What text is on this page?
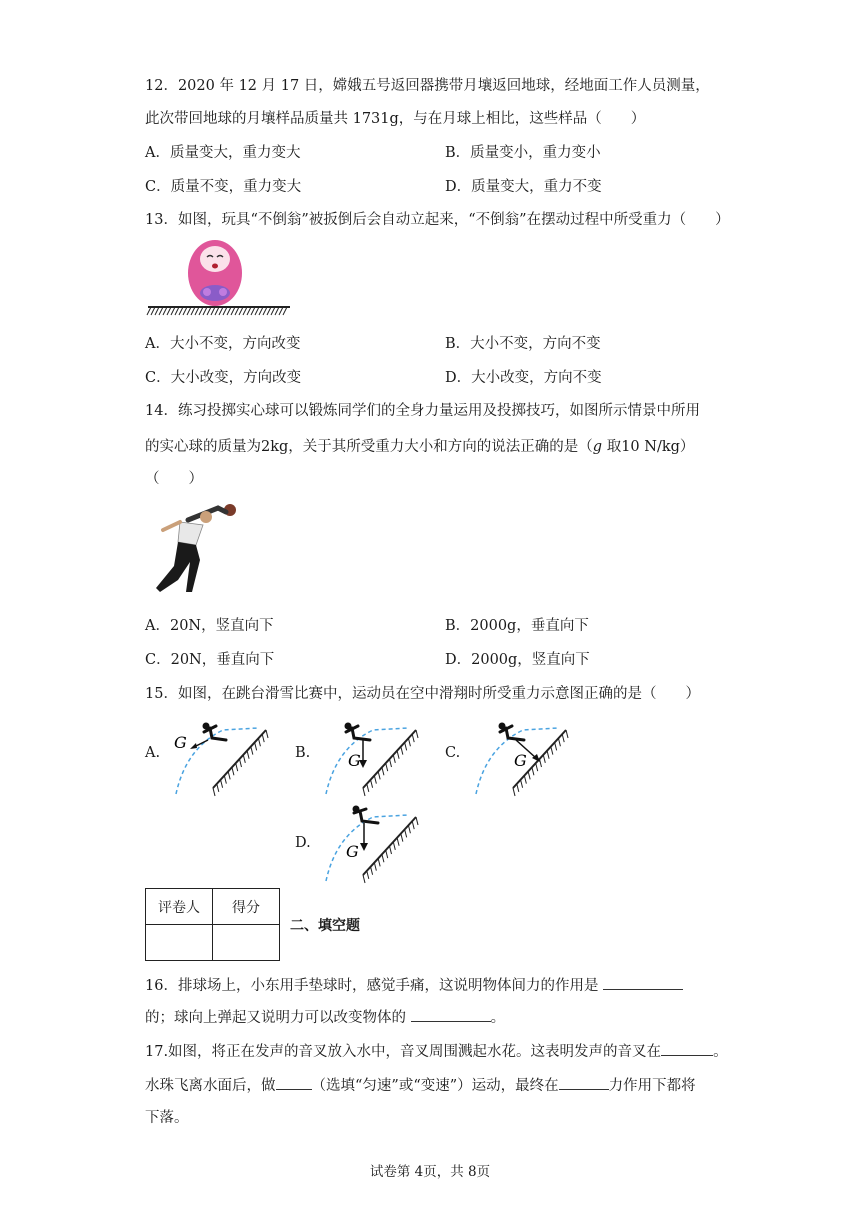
12．2020 年 12 月 17 日，嫦娥五号返回器携带月壤返回地球，经地面工作人员测量，
此次带回地球的月壤样品质量共 1731g，与在月球上相比，这些样品（　　）
A．质量变大，重力变大	B．质量变小，重力变小
C．质量不变，重力变大	D．质量变大，重力不变
13．如图，玩具“不倒翁”被扳倒后会自动立起来，“不倒翁”在摆动过程中所受重力（　　）
A．大小不变，方向改变	B．大小不变，方向不变
C．大小改变，方向改变	D．大小改变，方向不变
14．练习投掷实心球可以锻炼同学们的全身力量运用及投掷技巧，如图所示情景中所用
的实心球的质量为2kg，关于其所受重力大小和方向的说法正确的是（g 取10 N/kg）
（　　）
A．20N，竖直向下	B．2000g，垂直向下
C．20N，垂直向下	D．2000g，竖直向下
15．如图，在跳台滑雪比赛中，运动员在空中滑翔时所受重力示意图正确的是（　　）
A.	B.	C.
D.
G
G	G
G
评卷人	得分

二、填空题
16．排球场上，小东用手垫球时，感觉手痛，这说明物体间力的作用是
的；球向上弹起又说明力可以改变物体的	。
17.如图，将正在发声的音叉放入水中，音叉周围溅起水花。这表明发声的音叉在	。
水珠飞离水面后，做 （选填“匀速”或“变速”）运动，最终在	力作用下都将
下落。
试卷第 4页，共 8页
